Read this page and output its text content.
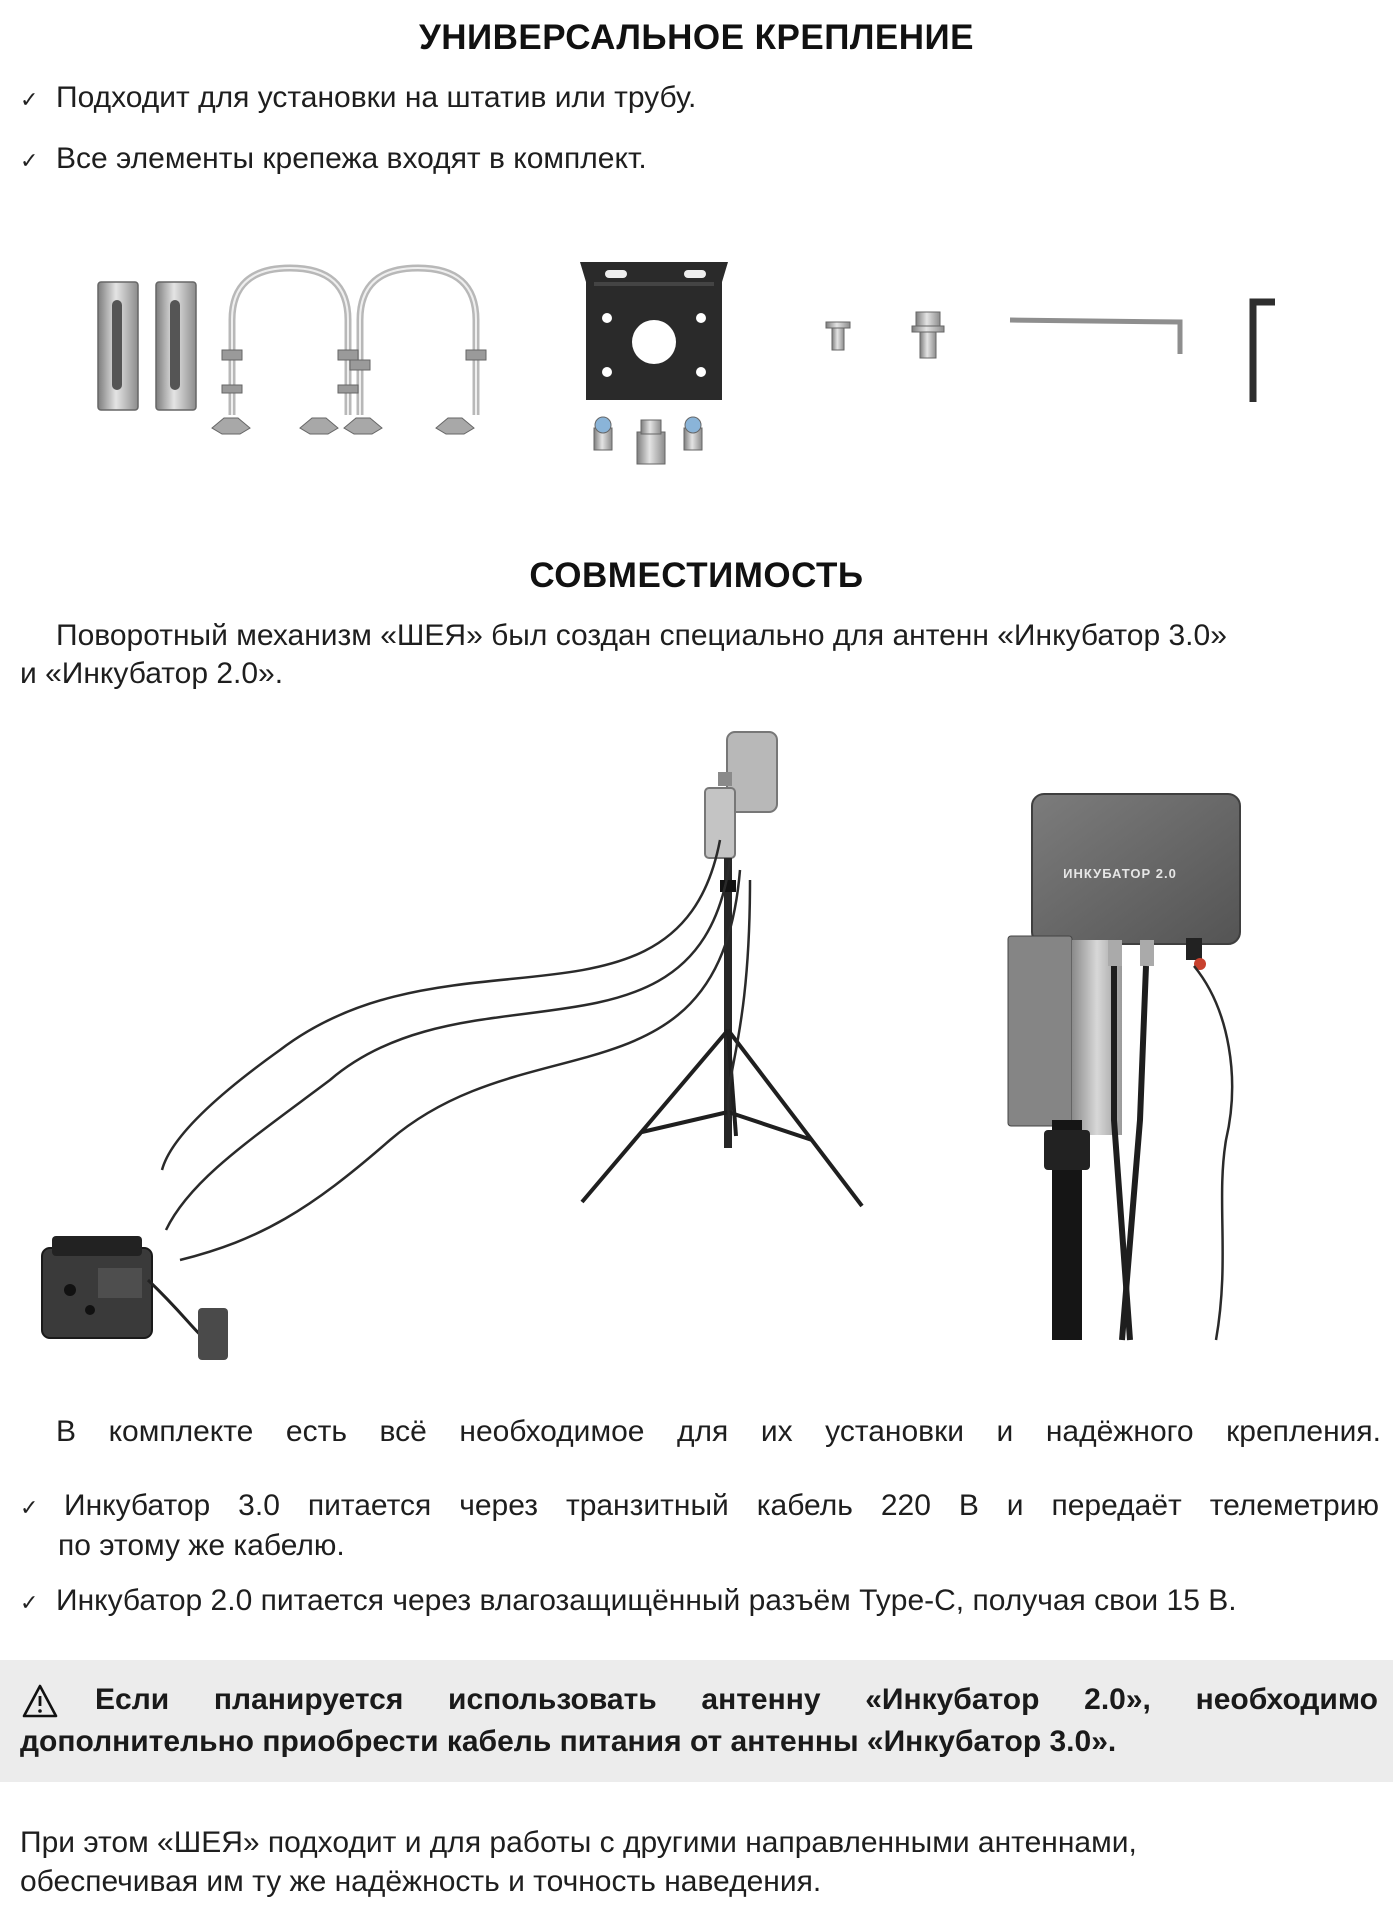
УНИВЕРСАЛЬНОЕ КРЕПЛЕНИЕ
✓ Подходит для установки на штатив или трубу.
✓ Все элементы крепежа входят в комплект.
СОВМЕСТИМОСТЬ
Поворотный механизм «ШЕЯ» был создан специально для антенн «Инкубатор 3.0»
и «Инкубатор 2.0».
ИНКУБАТОР 2.0
В комплекте есть всё необходимое для их установки и надёжного крепления.
✓ Инкубатор 3.0 питается через транзитный кабель 220 В и передаёт телеметрию
по этому же кабелю.
✓ Инкубатор 2.0 питается через влагозащищённый разъём Type-C, получая свои 15 В.
Если планируется использовать антенну «Инкубатор 2.0», необходимо
дополнительно приобрести кабель питания от антенны «Инкубатор 3.0».
При этом «ШЕЯ» подходит и для работы с другими направленными антеннами,
обеспечивая им ту же надёжность и точность наведения.
